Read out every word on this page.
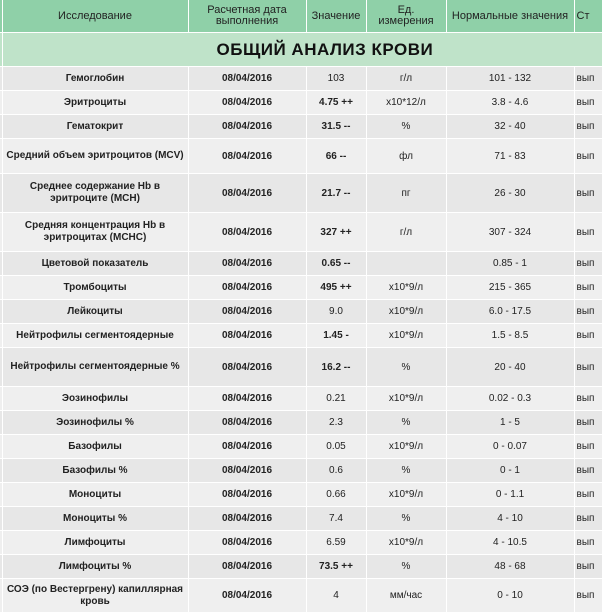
	Исследование	Расчетная дата выполнения	Значение	Ед. измерения	Нормальные значения	Ст
	ОБЩИЙ АНАЛИЗ КРОВИ					
	Гемоглобин	08/04/2016	103	г/л	101 - 132	вып
	Эритроциты	08/04/2016	4.75 ++	x10*12/л	3.8 - 4.6	вып
	Гематокрит	08/04/2016	31.5 --	%	32 - 40	вып
	Средний объем эритроцитов (MCV)	08/04/2016	66 --	фл	71 - 83	вып
	Среднее содержание Hb в эритроците (MCH)	08/04/2016	21.7 --	пг	26 - 30	вып
	Средняя концентрация Hb в эритроцитах (MCHC)	08/04/2016	327 ++	г/л	307 - 324	вып
	Цветовой показатель	08/04/2016	0.65 --		0.85 - 1	вып
	Тромбоциты	08/04/2016	495 ++	x10*9/л	215 - 365	вып
	Лейкоциты	08/04/2016	9.0	x10*9/л	6.0 - 17.5	вып
	Нейтрофилы сегментоядерные	08/04/2016	1.45 -	x10*9/л	1.5 - 8.5	вып
	Нейтрофилы сегментоядерные %	08/04/2016	16.2 --	%	20 - 40	вып
	Эозинофилы	08/04/2016	0.21	x10*9/л	0.02 - 0.3	вып
	Эозинофилы %	08/04/2016	2.3	%	1 - 5	вып
	Базофилы	08/04/2016	0.05	x10*9/л	0 - 0.07	вып
	Базофилы %	08/04/2016	0.6	%	0 - 1	вып
	Моноциты	08/04/2016	0.66	x10*9/л	0 - 1.1	вып
	Моноциты %	08/04/2016	7.4	%	4 - 10	вып
	Лимфоциты	08/04/2016	6.59	x10*9/л	4 - 10.5	вып
	Лимфоциты %	08/04/2016	73.5 ++	%	48 - 68	вып
	СОЭ (по Вестергрену) капиллярная кровь	08/04/2016	4	мм/час	0 - 10	вып
